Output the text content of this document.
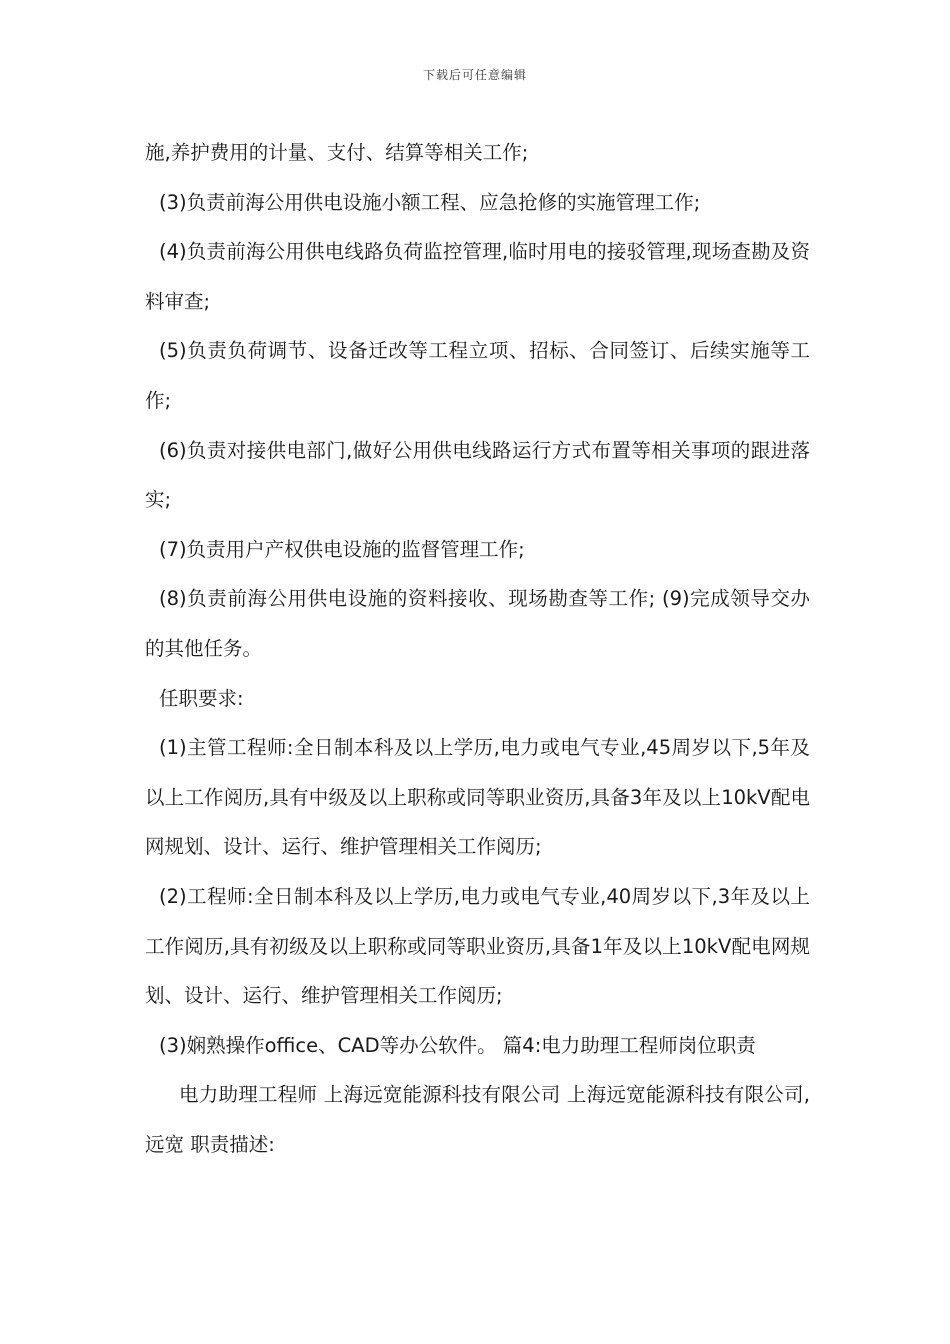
下载后可任意编辑

施,养护费用的计量、支付、结算等相关工作;

(3)负责前海公用供电设施小额工程、应急抢修的实施管理工作;

(4)负责前海公用供电线路负荷监控管理,临时用电的接驳管理,现场查勘及资料审查;

(5)负责负荷调节、设备迁改等工程立项、招标、合同签订、后续实施等工作;

(6)负责对接供电部门,做好公用供电线路运行方式布置等相关事项的跟进落实;

(7)负责用户产权供电设施的监督管理工作;

(8)负责前海公用供电设施的资料接收、现场勘查等工作; (9)完成领导交办的其他任务。

任职要求:

(1)主管工程师:全日制本科及以上学历,电力或电气专业,45周岁以下,5年及以上工作阅历,具有中级及以上职称或同等职业资历,具备3年及以上10kV配电网规划、设计、运行、维护管理相关工作阅历;

(2)工程师:全日制本科及以上学历,电力或电气专业,40周岁以下,3年及以上工作阅历,具有初级及以上职称或同等职业资历,具备1年及以上10kV配电网规划、设计、运行、维护管理相关工作阅历;

(3)娴熟操作office、CAD等办公软件。 篇4:电力助理工程师岗位职责

电力助理工程师 上海远宽能源科技有限公司 上海远宽能源科技有限公司,远宽 职责描述:
